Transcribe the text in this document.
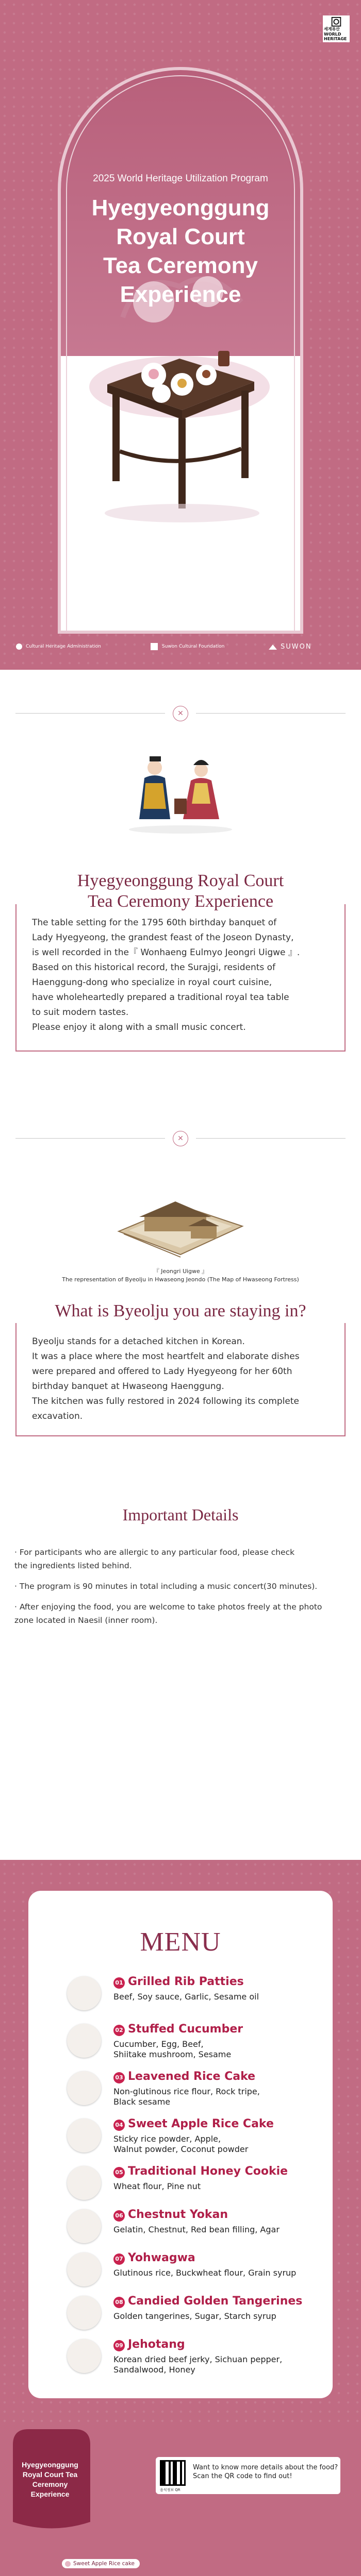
세계유산 WORLD HERITAGE
2025 World Heritage Utilization Program
Hyegyeonggung
Royal Court
Tea Ceremony
Experience
Cultural Heritage Administration	Suwon Cultural Foundation	SUWON
✕
Hyegyeonggung Royal Court
Tea Ceremony Experience

The table setting for the 1795 60th birthday banquet of

Lady Hyegyeong, the grandest feast of the Joseon Dynasty,

is well recorded in the『 Wonhaeng Eulmyo Jeongri Uigwe 』.

Based on this historical record, the Surajgi, residents of

Haenggung-dong who specialize in royal court cuisine,

have wholeheartedly prepared a traditional royal tea table

to suit modern tastes.

Please enjoy it along with a small music concert.

✕
『 Jeongri Uigwe 』
The representation of Byeolju in Hwaseong Jeondo (The Map of Hwaseong Fortress)
What is Byeolju you are staying in?

Byeolju stands for a detached kitchen in Korean.

It was a place where the most heartfelt and elaborate dishes

were prepared and offered to Lady Hyegyeong for her 60th

birthday banquet at Hwaseong Haenggung.

The kitchen was fully restored in 2024 following its complete

excavation.

Important Details

· For participants who are allergic to any particular food, please check
the ingredients listed behind.

· The program is 90 minutes in total including a music concert(30 minutes).

· After enjoying the food, you are welcome to take photos freely at the photo
zone located in Naesil (inner room).

MENU
01 Grilled Rib Patties
Beef, Soy sauce, Garlic, Sesame oil
02 Stuffed Cucumber
Cucumber, Egg, Beef,
Shiitake mushroom, Sesame
03 Leavened Rice Cake
Non-glutinous rice flour, Rock tripe,
Black sesame
04 Sweet Apple Rice Cake
Sticky rice powder, Apple,
Walnut powder, Coconut powder
05 Traditional Honey Cookie
Wheat flour, Pine nut
06 Chestnut Yokan
Gelatin, Chestnut, Red bean filling, Agar
07 Yohwagwa
Glutinous rice, Buckwheat flour, Grain syrup
08 Candied Golden Tangerines
Golden tangerines, Sugar, Starch syrup
09 Jehotang
Korean dried beef jerky, Sichuan pepper,
Sandalwood, Honey
Hyegyeonggung Royal Court Tea Ceremony Experience
Want to know more details about the food?
Scan the QR code to find out!
음식정보 QR
Sweet Apple Rice cake
